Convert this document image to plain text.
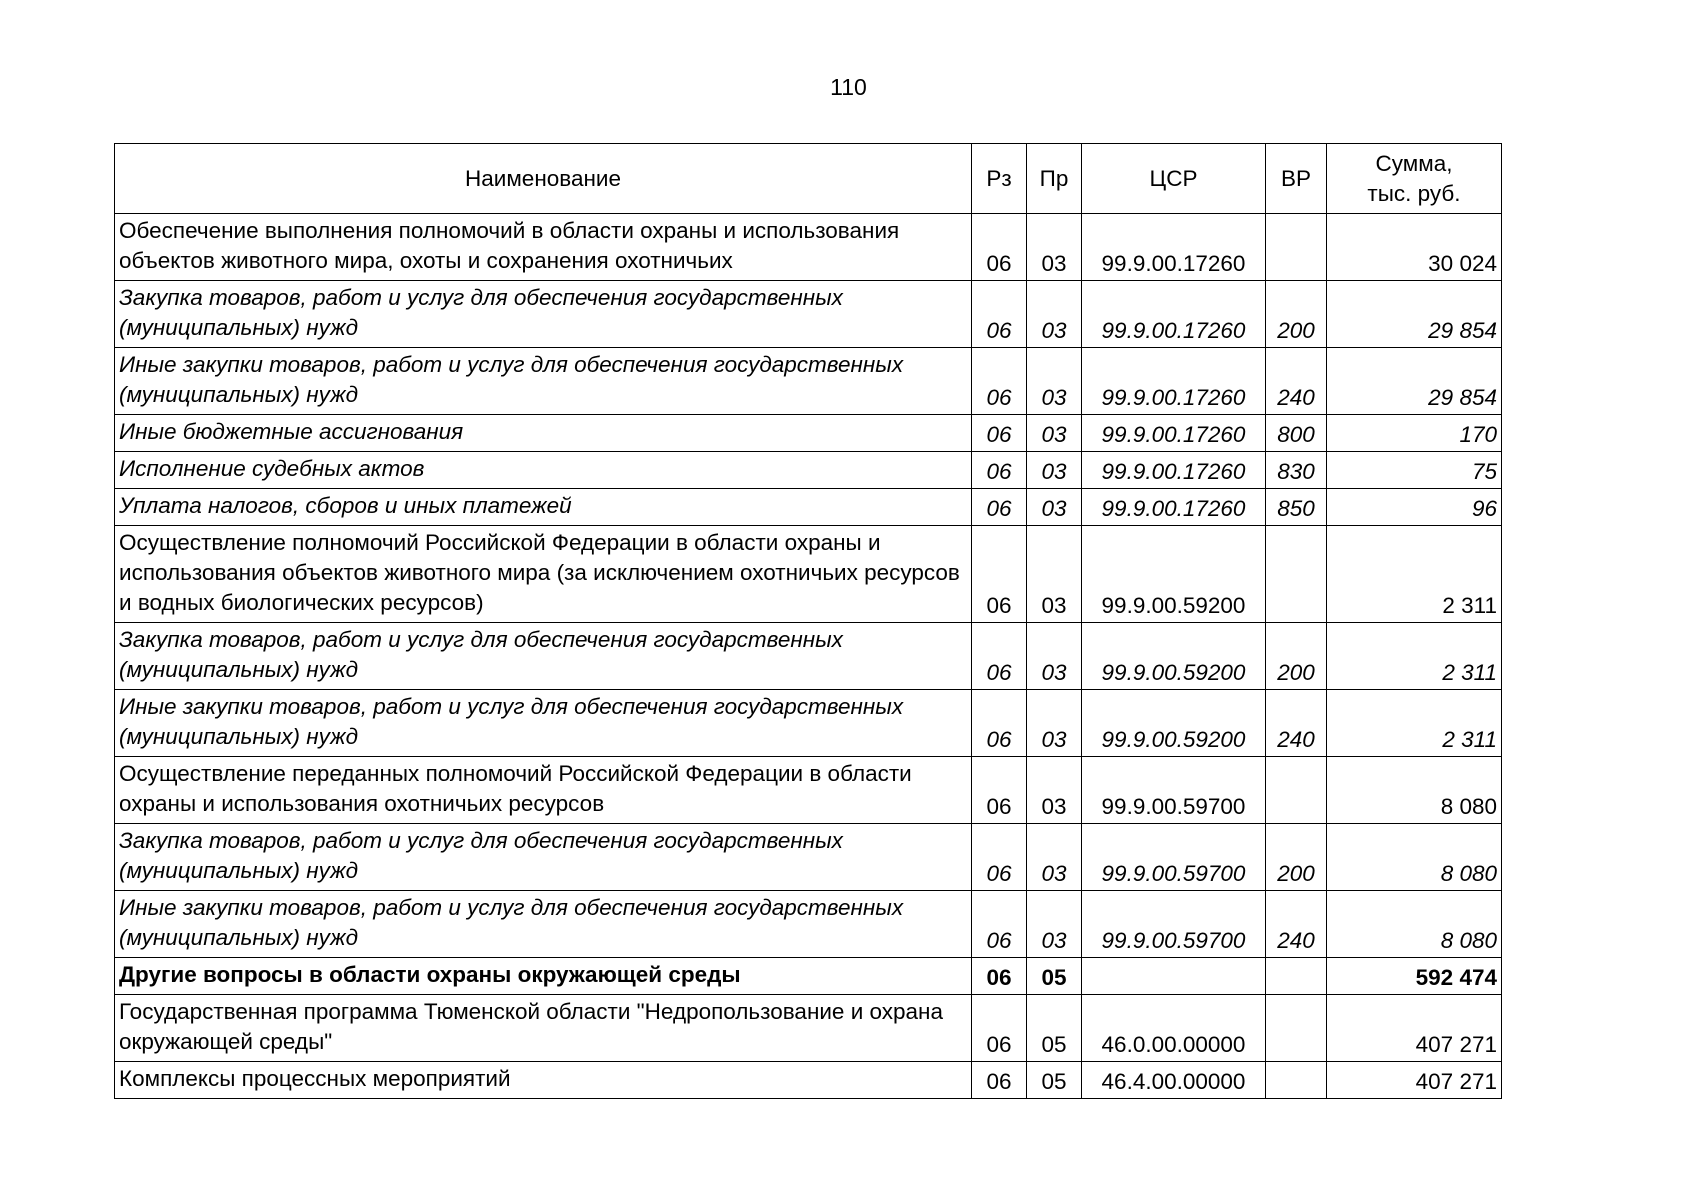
110
Наименование	Рз	Пр	ЦСР	ВР	Сумма,
тыс. руб.
Обеспечение выполнения полномочий в области охраны и использования объектов животного мира, охоты и сохранения охотничьих	06	03	99.9.00.17260		30 024
Закупка товаров, работ и услуг для обеспечения государственных (муниципальных) нужд	06	03	99.9.00.17260	200	29 854
Иные закупки товаров, работ и услуг для обеспечения государственных (муниципальных) нужд	06	03	99.9.00.17260	240	29 854
Иные бюджетные ассигнования	06	03	99.9.00.17260	800	170
Исполнение судебных актов	06	03	99.9.00.17260	830	75
Уплата налогов, сборов и иных платежей	06	03	99.9.00.17260	850	96
Осуществление полномочий Российской Федерации в области охраны и использования объектов животного мира (за исключением охотничьих ресурсов и водных биологических ресурсов)	06	03	99.9.00.59200		2 311
Закупка товаров, работ и услуг для обеспечения государственных (муниципальных) нужд	06	03	99.9.00.59200	200	2 311
Иные закупки товаров, работ и услуг для обеспечения государственных (муниципальных) нужд	06	03	99.9.00.59200	240	2 311
Осуществление переданных полномочий Российской Федерации в области охраны и использования охотничьих ресурсов	06	03	99.9.00.59700		8 080
Закупка товаров, работ и услуг для обеспечения государственных (муниципальных) нужд	06	03	99.9.00.59700	200	8 080
Иные закупки товаров, работ и услуг для обеспечения государственных (муниципальных) нужд	06	03	99.9.00.59700	240	8 080
Другие вопросы в области охраны окружающей среды	06	05			592 474
Государственная программа Тюменской области "Недропользование и охрана окружающей среды"	06	05	46.0.00.00000		407 271
Комплексы процессных мероприятий	06	05	46.4.00.00000		407 271
